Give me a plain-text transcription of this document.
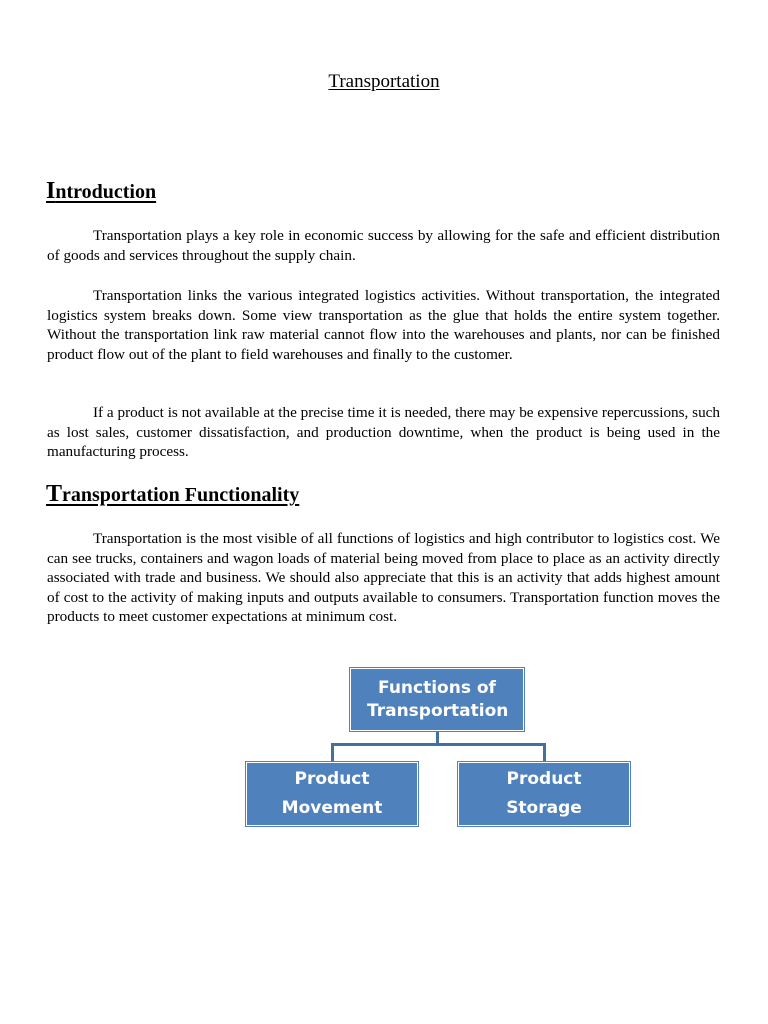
Transportation
Introduction

Transportation plays a key role in economic success by allowing for the safe and efficient distribution of goods and services throughout the supply chain.

Transportation links the various integrated logistics activities. Without transportation, the integrated logistics system breaks down. Some view transportation as the glue that holds the entire system together. Without the transportation link raw material cannot flow into the warehouses and plants, nor can be finished product flow out of the plant to field warehouses and finally to the customer.

If a product is not available at the precise time it is needed, there may be expensive repercussions, such as lost sales, customer dissatisfaction, and production downtime, when the product is being used in the manufacturing process.

Transportation Functionality

Transportation is the most visible of all functions of logistics and high contributor to logistics cost. We can see trucks, containers and wagon loads of material being moved from place to place as an activity directly associated with trade and business. We should also appreciate that this is an activity that adds highest amount of cost to the activity of making inputs and outputs available to consumers. Transportation function moves the products to meet customer expectations at minimum cost.

Functions of Transportation
Product Movement
Product Storage
